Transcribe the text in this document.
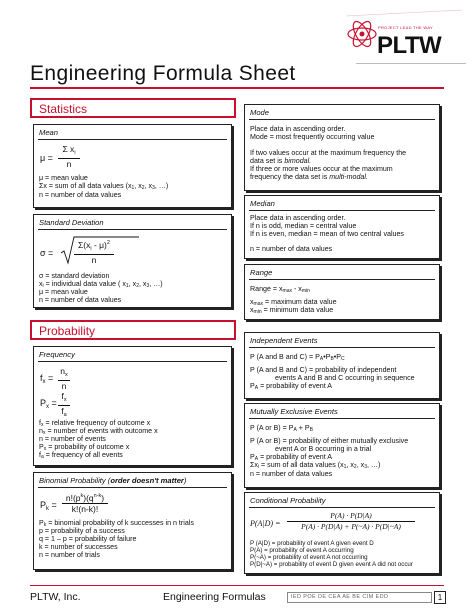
PROJECT LEAD THE WAY
PLTW
Engineering Formula Sheet
Statistics
Mean
μ =
Σ $x_i$
n
μ = mean value
Σx = sum of all data values ($x_1$, $x_2$, $x_3$, …)
n = number of data values
Standard Deviation
σ =
$\Sigma(x_i - \mu)^2$
n
σ = standard deviation
$x_i$ = individual data value ( $x_1$, $x_2$, $x_3$, …)
μ = mean value
n = number of data values
Mode
Place data in ascending order.
Mode = most frequently occurring value
If two values occur at the maximum frequency the
data set is bimodal.
If three or more values occur at the maximum
frequency the data set is multi-modal.
Median
Place data in ascending order.
If n is odd, median = central value
If n is even, median = mean of two central values
n = number of data values
Range
Range = $x_{max} - x_{min}$
$x_{max}$ = maximum data value
$x_{min}$ = minimum data value
Probability
Frequency
$f_x$ =
$n_x$
n
$P_x$ =
$f_x$
$f_a$
$f_x$ = relative frequency of outcome x
$n_x$ = number of events with outcome x
n = number of events
$P_x$ = probability of outcome x
$f_a$ = frequency of all events
Binomial Probability (order doesn't matter)
$P_k$ =
$n!(p^k)(q^{n-k})$
k!(n-k)!
$P_k$ = binomial probability of k successes in n trials
p = probability of a success
q = 1 – p = probability of failure
k = number of successes
n = number of trials
Independent Events
P (A and B and $C) = P_A•P_B•P_C$
P (A and B and C) = probability of independent
events A and B and C occurring in sequence
$P_A$ = probability of event A
Mutually Exclusive Events
P (A or $B) = P_A + P_B$
P (A or B) = probability of either mutually exclusive
event A or B occurring in a trial
$P_A$ = probability of event A
$\Sigma x_i$ = sum of all data values ($x_1$, $x_2$, $x_3$, …)
n = number of data values
Conditional Probability
P(A|D) =
P(A) · P(D|A)
P(A) · P(D|A) + P(~A) · P(D|~A)
P (A|D) = probability of event A given event D
P(A) = probability of event A occurring
P(~A) = probability of event A not occurring
P(D|~A) = probability of event D given event A did not occur
PLTW, Inc.	Engineering Formulas	IED POE DE CEA AE BE CIM EDD	1
